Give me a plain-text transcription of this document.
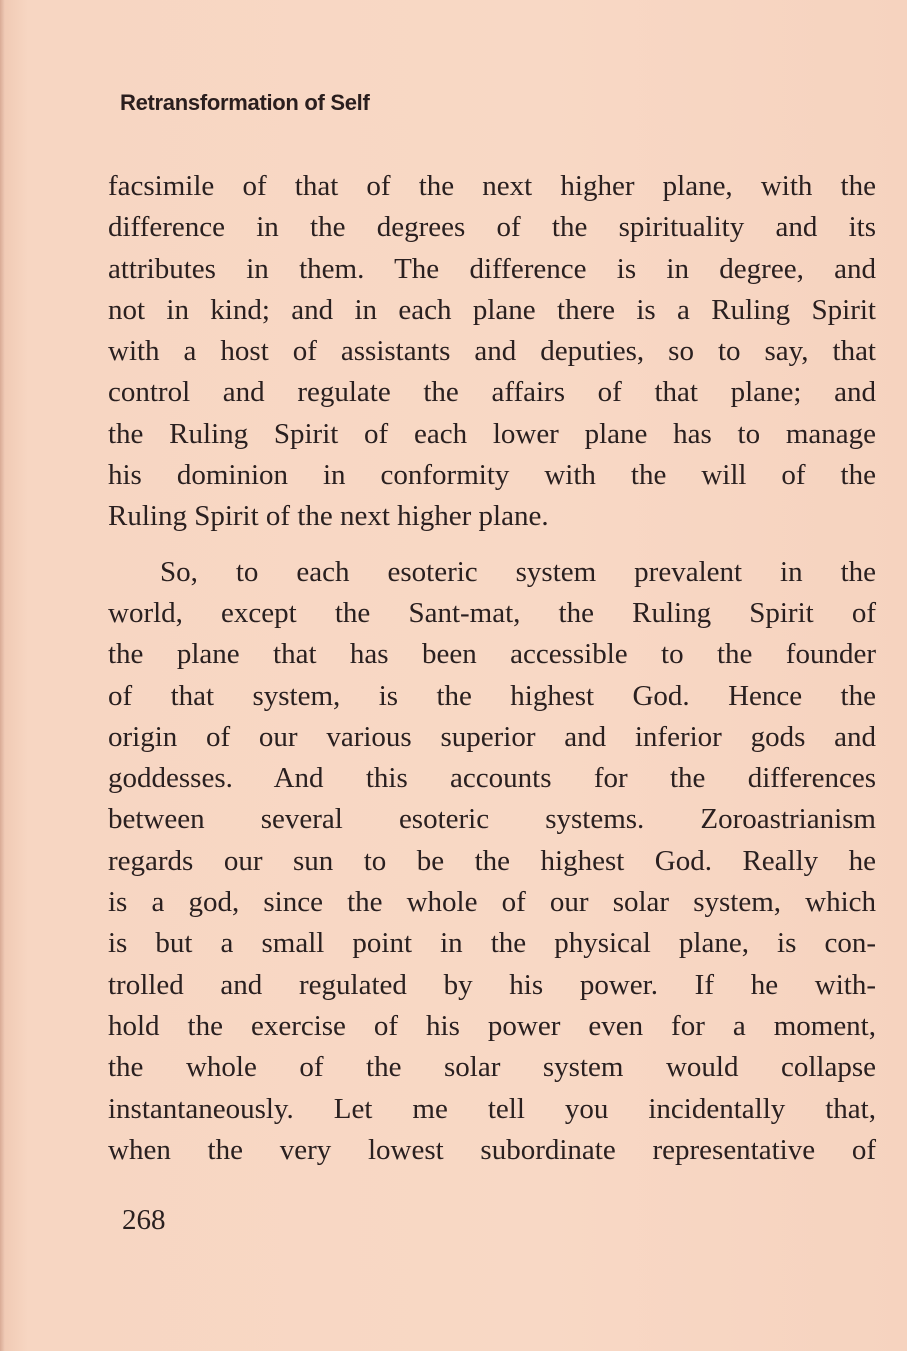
Retransformation of Self
facsimile of that of the next higher plane, with the
difference in the degrees of the spirituality and its
attributes in them. The difference is in degree, and
not in kind; and in each plane there is a Ruling Spirit
with a host of assistants and deputies, so to say, that
control and regulate the affairs of that plane; and
the Ruling Spirit of each lower plane has to manage
his dominion in conformity with the will of the
Ruling Spirit of the next higher plane.
So, to each esoteric system prevalent in the
world, except the Sant-mat, the Ruling Spirit of
the plane that has been accessible to the founder
of that system, is the highest God. Hence the
origin of our various superior and inferior gods and
goddesses. And this accounts for the differences
between several esoteric systems. Zoroastrianism
regards our sun to be the highest God. Really he
is a god, since the whole of our solar system, which
is but a small point in the physical plane, is con-
trolled and regulated by his power. If he with-
hold the exercise of his power even for a moment,
the whole of the solar system would collapse
instantaneously. Let me tell you incidentally that,
when the very lowest subordinate representative of
268
